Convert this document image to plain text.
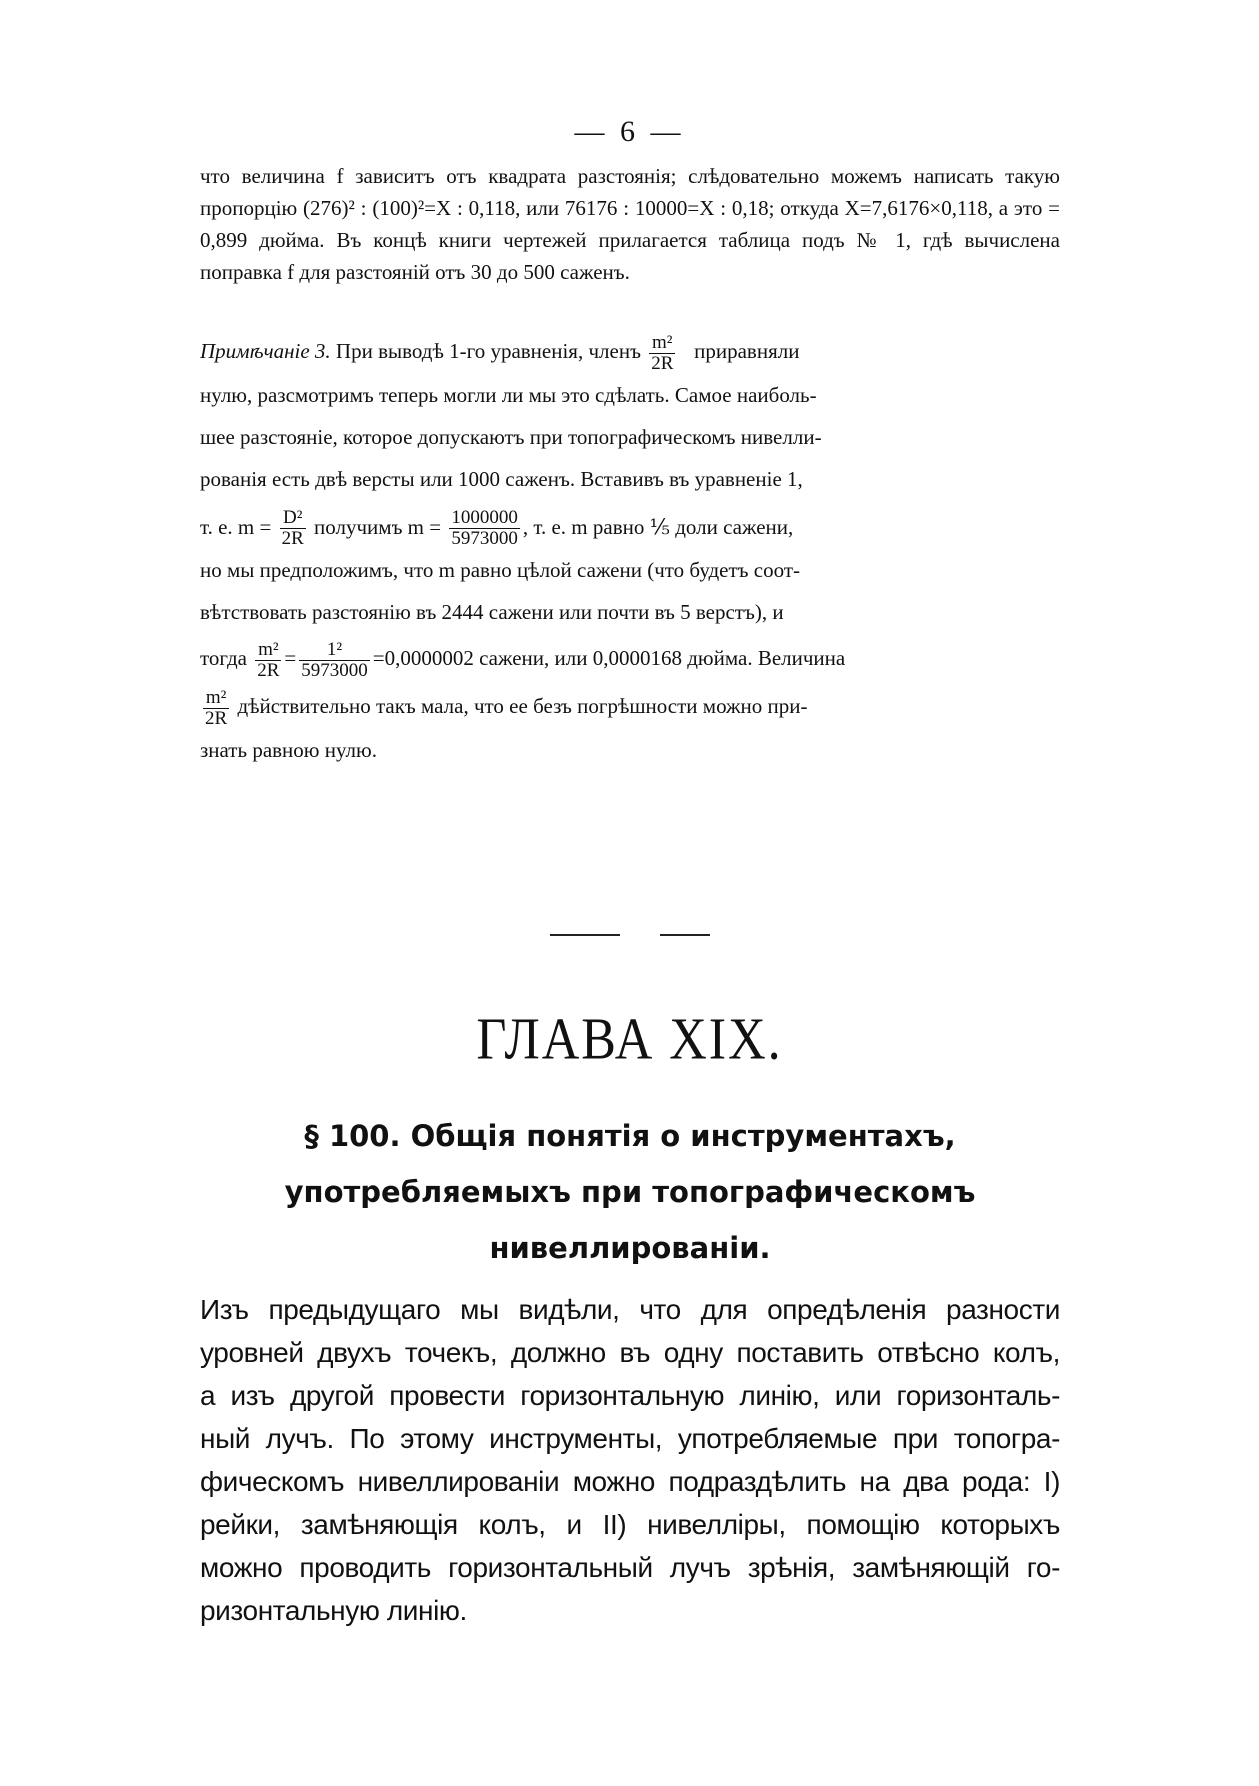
— 6 —

что величина f зависитъ отъ квадрата разстоянія; слѣдовательно можемъ написать такую пропорцію (276)² : (100)²=X : 0,118, или 76176 : 10000=X : 0,18; откуда X=7,6176×0,118, а это = 0,899 дюйма. Въ концѣ книги чертежей прилагается таблица подъ № 1, гдѣ вычислена поправка f для разстояній отъ 30 до 500 саженъ.

Примѣчаніе 3. При выводѣ 1-го уравненія, членъ $\frac{\text{m²}}{2R}$ приравняли
нулю, разсмотримъ теперь могли ли мы это сдѣлать. Самое наиболь-
шее разстояніе, которое допускаютъ при топографическомъ нивелли-
рованія есть двѣ версты или 1000 саженъ. Вставивъ въ уравненіе 1,
т. е. $m = \frac{\text{D²}}{2R}$ получимъ $m = \frac{1000000}{5973000}$ , т. е. m равно ⅕ доли сажени,
но мы предположимъ, что m равно цѣлой сажени (что будетъ соот-
вѣтствовать разстоянію въ 2444 сажени или почти въ 5 верстъ), и
тогда $\frac{\text{m²}}{2R} = \frac{\text{1²}}{5973000} =0,0000002$ сажени, или 0,0000168 дюйма. Величина
$\frac{\text{m²}}{2R}$ дѣйствительно такъ мала, что ее безъ погрѣшности можно при-
знать равною нулю.

ГЛАВА XIX.
§ 100. Общія понятія о инструментахъ,
употребляемыхъ при топографическомъ
нивеллированіи.

Изъ предыдущаго мы видѣли, что для опредѣленія разности
уровней двухъ точекъ, должно въ одну поставить отвѣсно колъ,
а изъ другой провести горизонтальную линію, или горизонталь-
ный лучъ. По этому инструменты, употребляемые при топогра-
фическомъ нивеллированіи можно подраздѣлить на два рода: I)
рейки, замѣняющія колъ, и II) нивелліры, помощію которыхъ
можно проводить горизонтальный лучъ зрѣнія, замѣняющій го-
ризонтальную линію.
